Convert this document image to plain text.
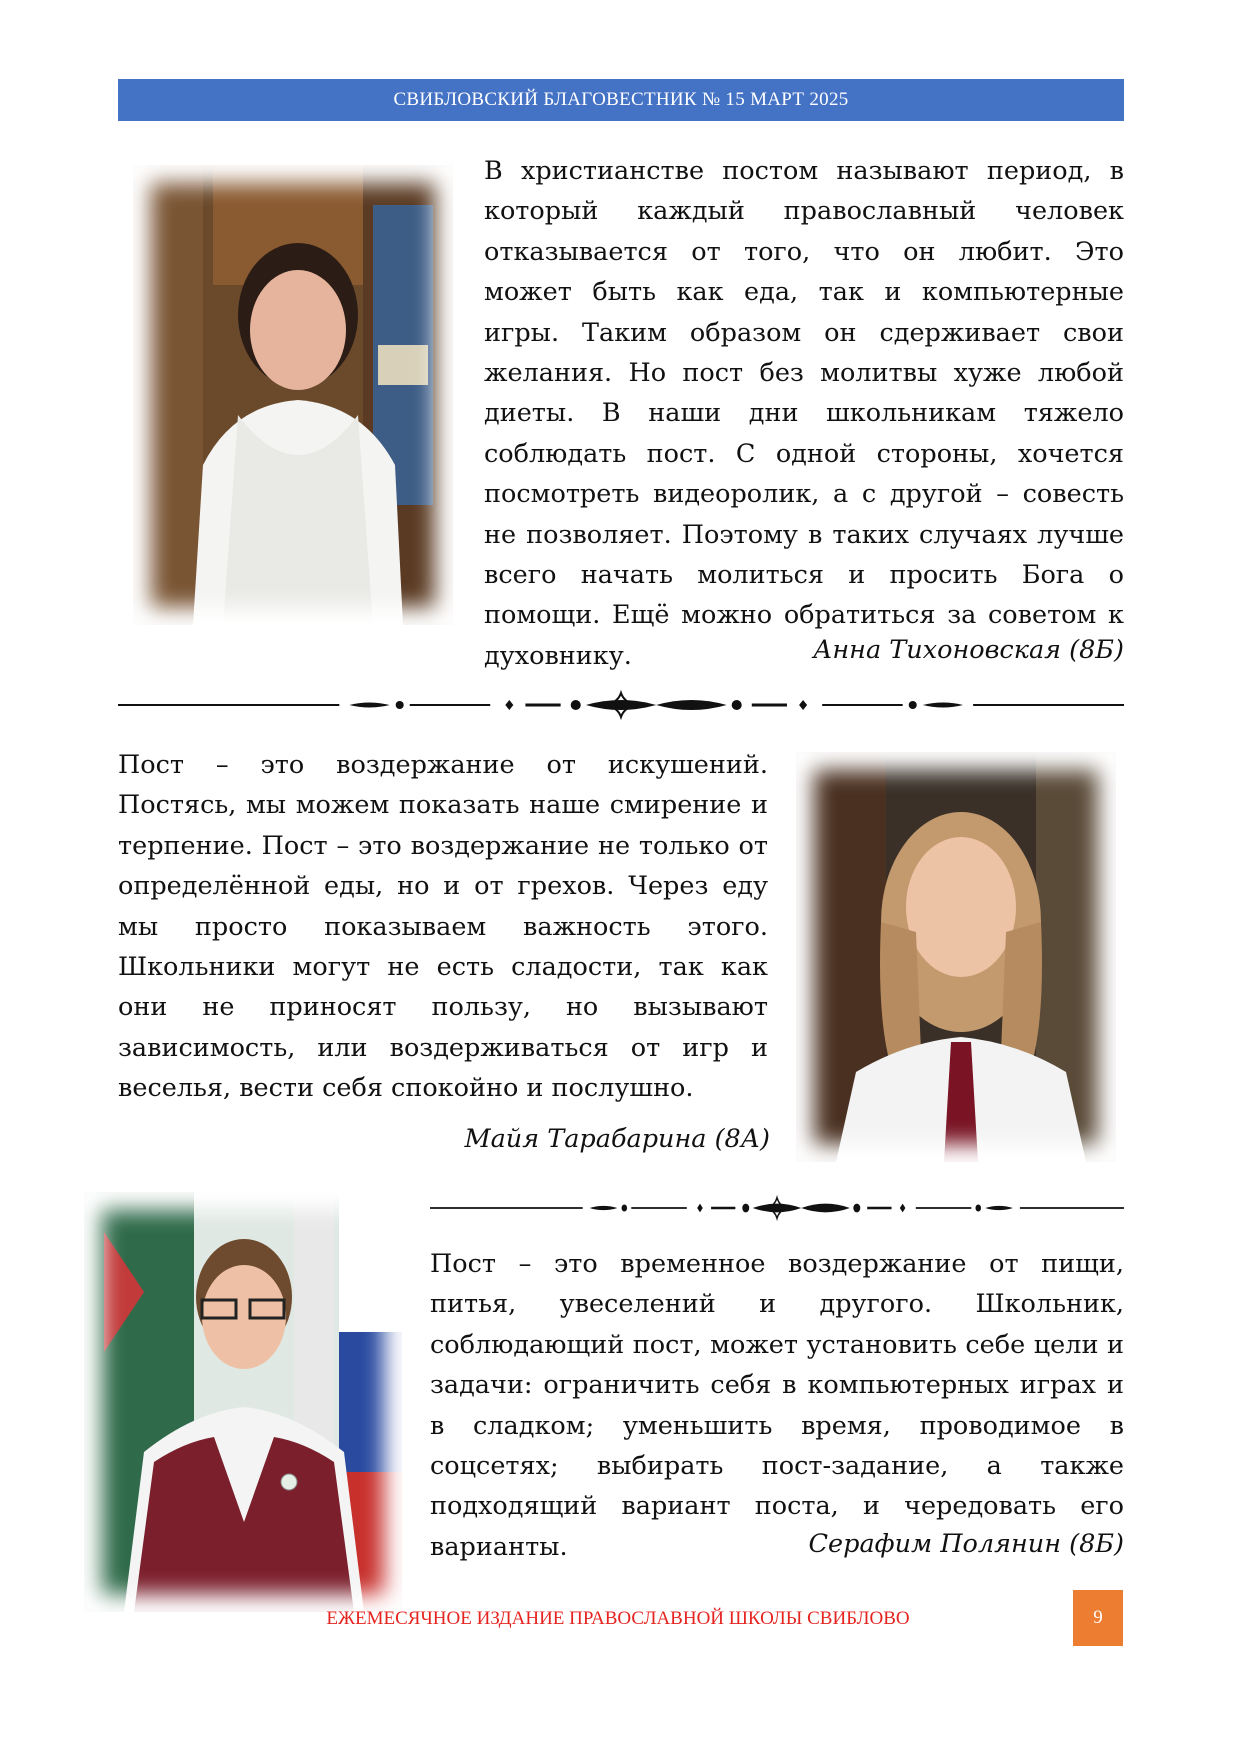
СВИБЛОВСКИЙ БЛАГОВЕСТНИК № 15 МАРТ 2025
В христианстве постом называют период, в который каждый православный человек отказывается от того, что он любит. Это может быть как еда, так и компьютерные игры. Таким образом он сдерживает свои желания. Но пост без молитвы хуже любой диеты. В наши дни школьникам тяжело соблюдать пост. С одной стороны, хочется посмотреть видеоролик, а с другой – совесть не позволяет. Поэтому в таких случаях лучше всего начать молиться и просить Бога о помощи. Ещё можно обратиться за советом к духовнику.	Анна Тихоновская (8Б)
Пост – это воздержание от искушений. Постясь, мы можем показать наше смирение и терпение. Пост – это воздержание не только от определённой еды, но и от грехов. Через еду мы просто показываем важность этого. Школьники могут не есть сладости, так как они не приносят пользу, но вызывают зависимость, или воздерживаться от игр и веселья, вести себя спокойно и послушно.
Майя Тарабарина (8А)
Пост – это временное воздержание от пищи, питья, увеселений и другого. Школьник, соблюдающий пост, может установить себе цели и задачи: ограничить себя в компьютерных играх и в сладком; уменьшить время, проводимое в соцсетях; выбирать пост-задание, а также подходящий вариант поста, и чередовать его варианты.	Серафим Полянин (8Б)
ЕЖЕМЕСЯЧНОЕ ИЗДАНИЕ ПРАВОСЛАВНОЙ ШКОЛЫ СВИБЛОВО	9
